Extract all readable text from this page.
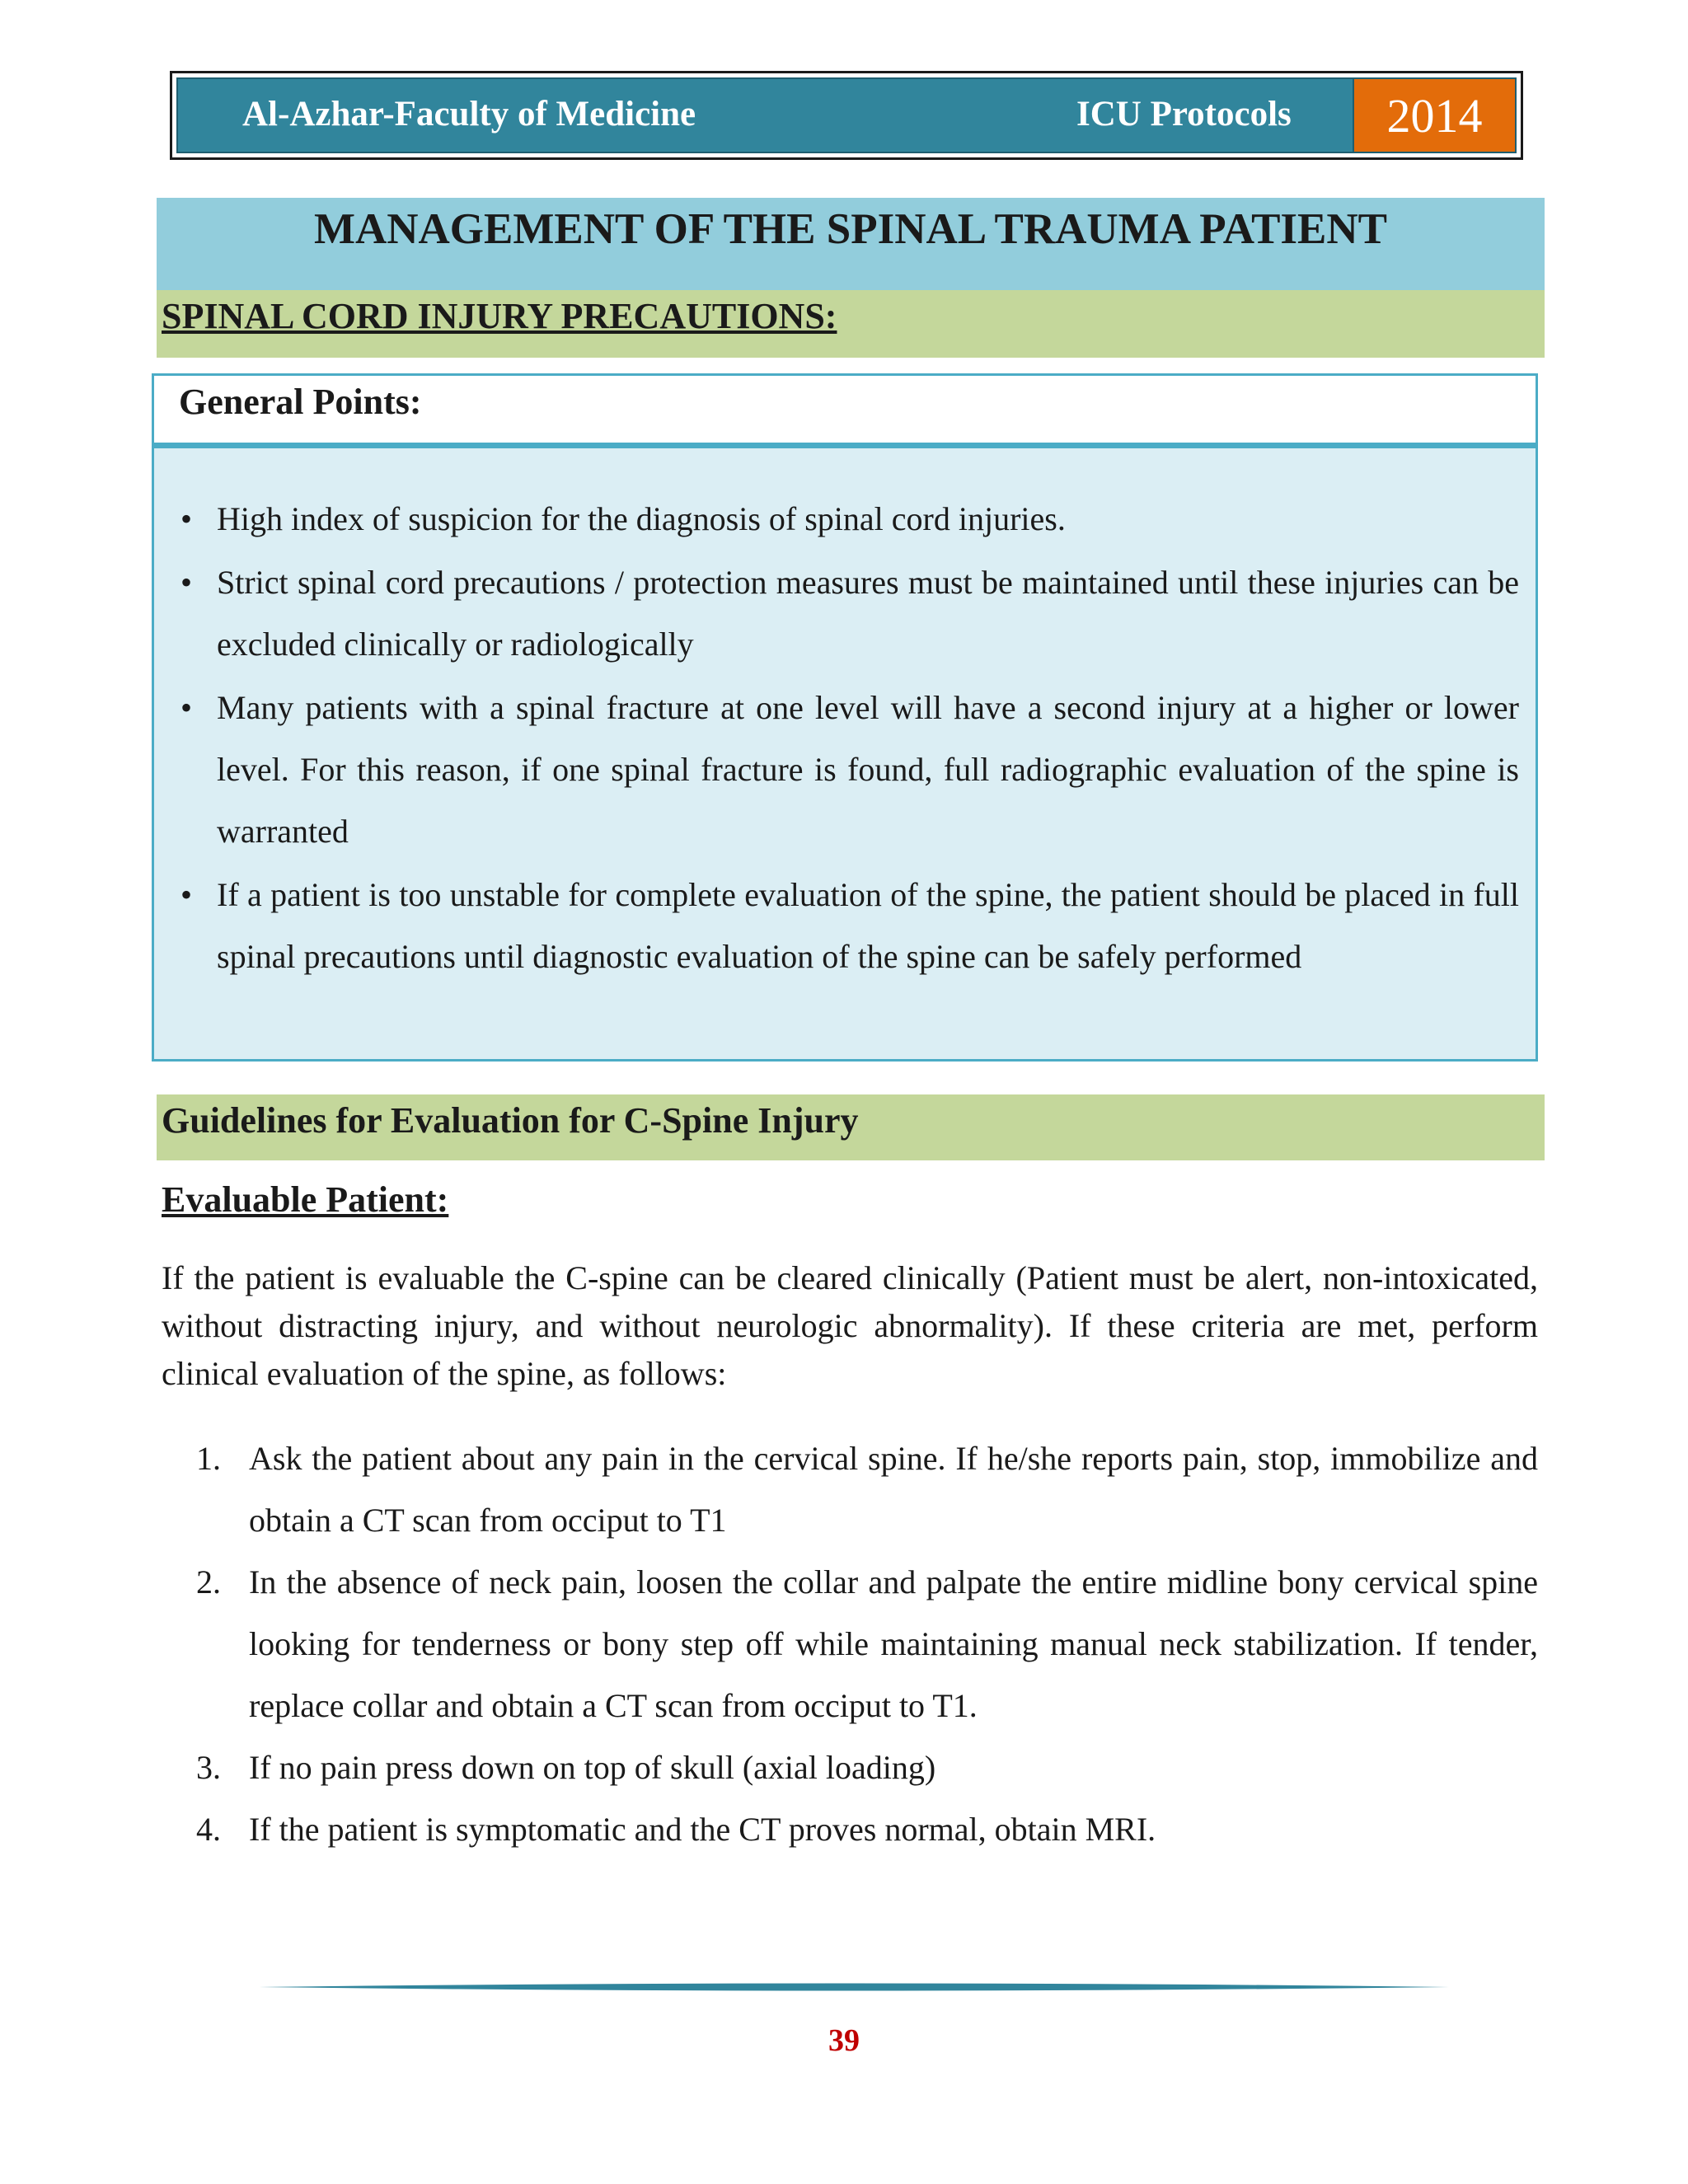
Al-Azhar-Faculty of Medicine	ICU Protocols	2014
MANAGEMENT OF THE SPINAL TRAUMA PATIENT
SPINAL CORD INJURY PRECAUTIONS:
General Points:
• High index of suspicion for the diagnosis of spinal cord injuries.
• Strict spinal cord precautions / protection measures must be maintained until these injuries can be excluded clinically or radiologically
• Many patients with a spinal fracture at one level will have a second injury at a higher or lower level. For this reason, if one spinal fracture is found, full radiographic evaluation of the spine is warranted
• If a patient is too unstable for complete evaluation of the spine, the patient should be placed in full spinal precautions until diagnostic evaluation of the spine can be safely performed
Guidelines for Evaluation for C-Spine Injury
Evaluable Patient:

If the patient is evaluable the C-spine can be cleared clinically (Patient must be alert, non-intoxicated, without distracting injury, and without neurologic abnormality). If these criteria are met, perform clinical evaluation of the spine, as follows:

1. Ask the patient about any pain in the cervical spine. If he/she reports pain, stop, immobilize and obtain a CT scan from occiput to T1
2. In the absence of neck pain, loosen the collar and palpate the entire midline bony cervical spine looking for tenderness or bony step off while maintaining manual neck stabilization. If tender, replace collar and obtain a CT scan from occiput to T1.
3. If no pain press down on top of skull (axial loading)
4. If the patient is symptomatic and the CT proves normal, obtain MRI.
39
